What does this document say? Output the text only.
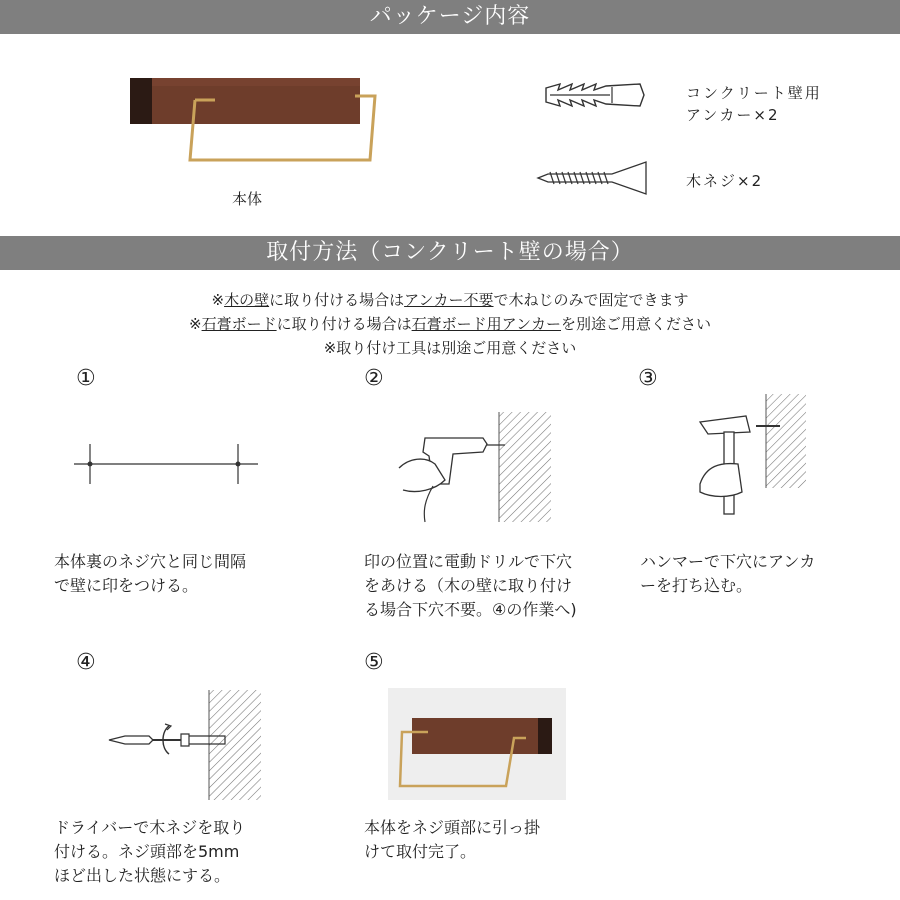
パッケージ内容
取付方法（コンクリート壁の場合）
本体
コンクリート壁用
アンカー×2
木ネジ×2
※木の壁に取り付ける場合はアンカー不要で木ねじのみで固定できます
※石膏ボードに取り付ける場合は石膏ボード用アンカーを別途ご用意ください
※取り付け工具は別途ご用意ください
①	②	③
④	⑤
本体裏のネジ穴と同じ間隔
で壁に印をつける。
印の位置に電動ドリルで下穴
をあける（木の壁に取り付け
る場合下穴不要。④の作業へ)
ハンマーで下穴にアンカ
ーを打ち込む。
ドライバーで木ネジを取り
付ける。ネジ頭部を5mm
ほど出した状態にする。
本体をネジ頭部に引っ掛
けて取付完了。
